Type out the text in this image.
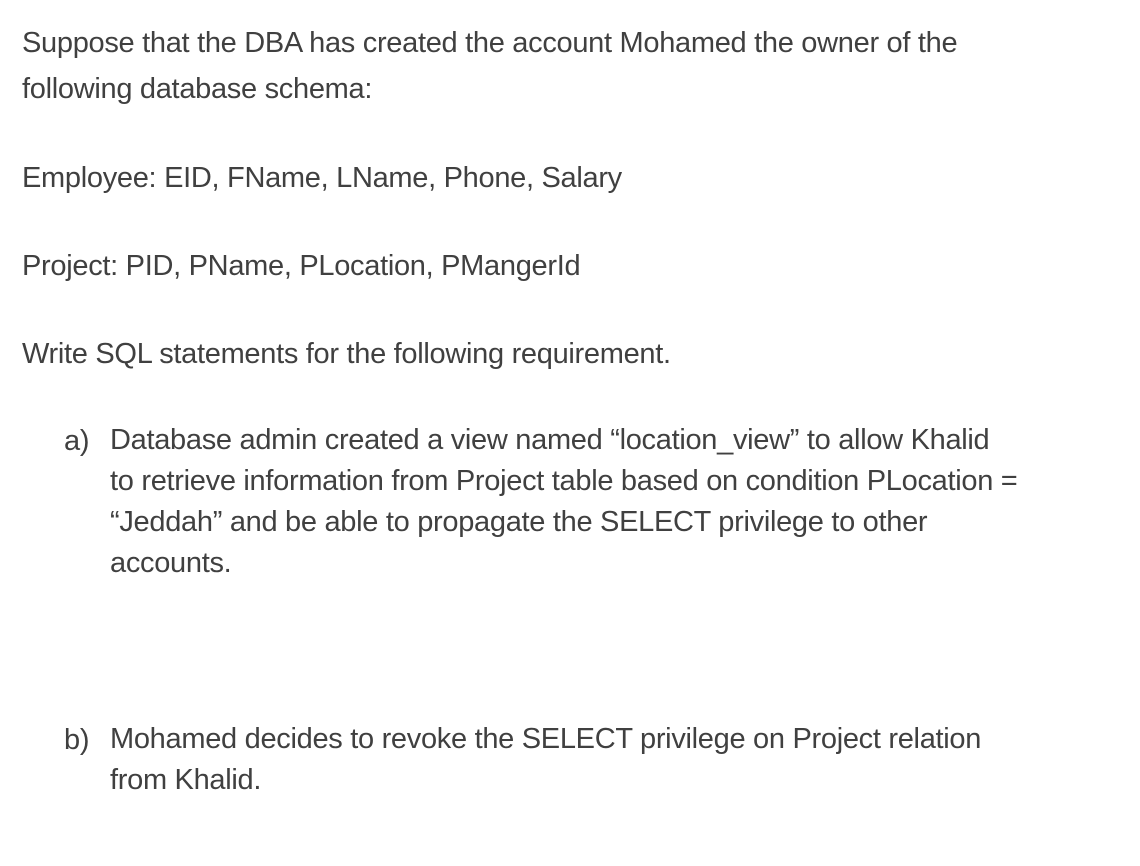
Suppose that the DBA has created the account Mohamed the owner of the
following database schema:
Employee: EID, FName, LName, Phone, Salary
Project: PID, PName, PLocation, PMangerId
Write SQL statements for the following requirement.
a) Database admin created a view named “location_view” to allow Khalid
to retrieve information from Project table based on condition PLocation =
“Jeddah” and be able to propagate the SELECT privilege to other
accounts.
b) Mohamed decides to revoke the SELECT privilege on Project relation
from Khalid.
